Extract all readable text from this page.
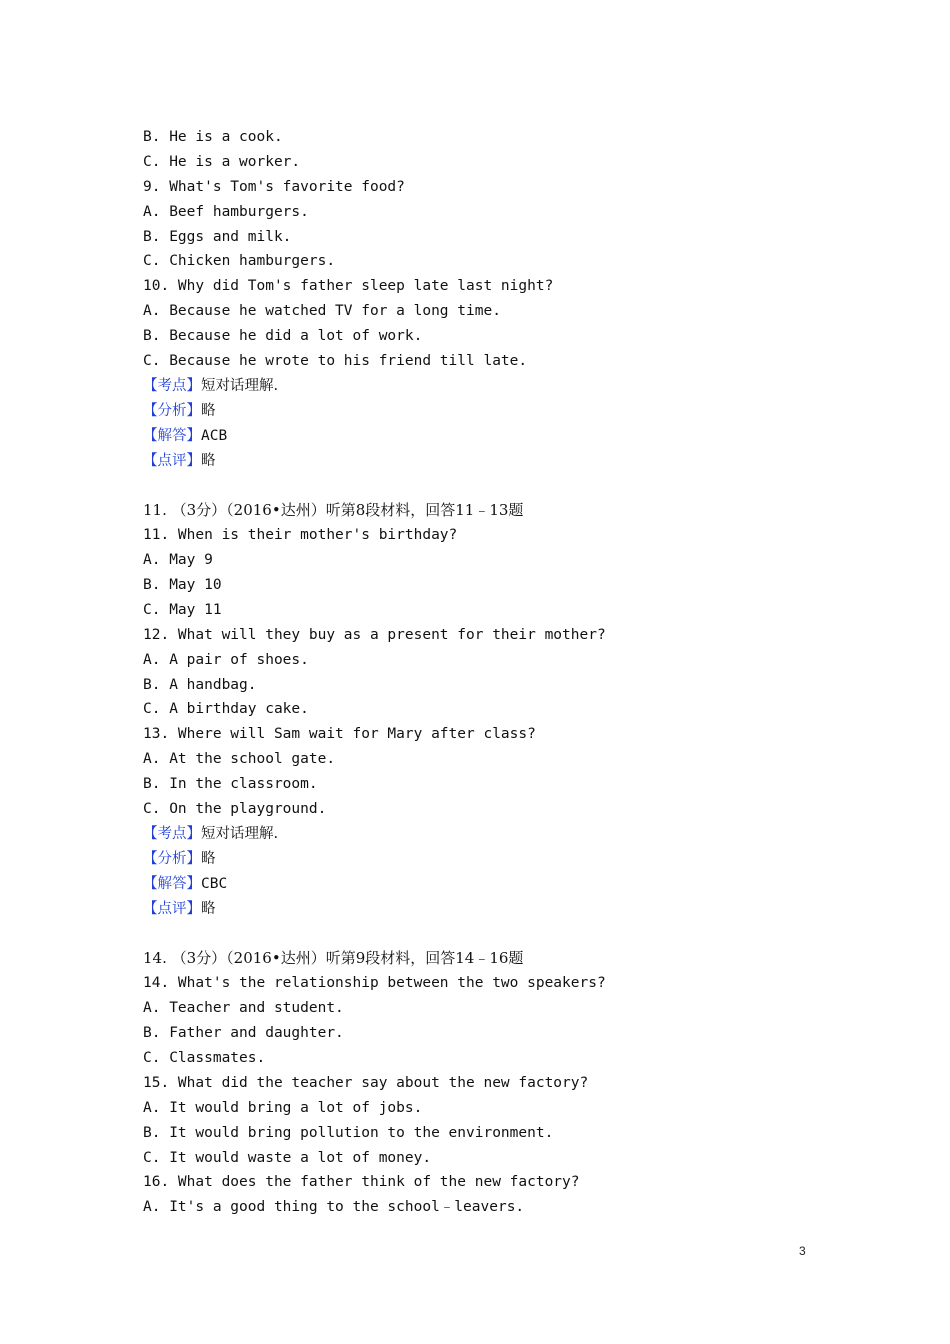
B. He is a cook.
C. He is a worker.
9. What's Tom's favorite food?
A. Beef hamburgers.
B. Eggs and milk.
C. Chicken hamburgers.
10. Why did Tom's father sleep late last night?
A. Because he watched TV for a long time.
B. Because he did a lot of work.
C. Because he wrote to his friend till late.
【考点】短对话理解.
【分析】略
【解答】ACB
【点评】略
11. （3分）（2016•达州）听第8段材料，回答11﹣13题
11. When is their mother's birthday?
A. May 9
B. May 10
C. May 11
12. What will they buy as a present for their mother?
A. A pair of shoes.
B. A handbag.
C. A birthday cake.
13. Where will Sam wait for Mary after class?
A. At the school gate.
B. In the classroom.
C. On the playground.
【考点】短对话理解.
【分析】略
【解答】CBC
【点评】略
14. （3分）（2016•达州）听第9段材料，回答14﹣16题
14. What's the relationship between the two speakers?
A. Teacher and student.
B. Father and daughter.
C. Classmates.
15. What did the teacher say about the new factory?
A. It would bring a lot of jobs.
B. It would bring pollution to the environment.
C. It would waste a lot of money.
16. What does the father think of the new factory?
A. It's a good thing to the school﹣leavers.
3
